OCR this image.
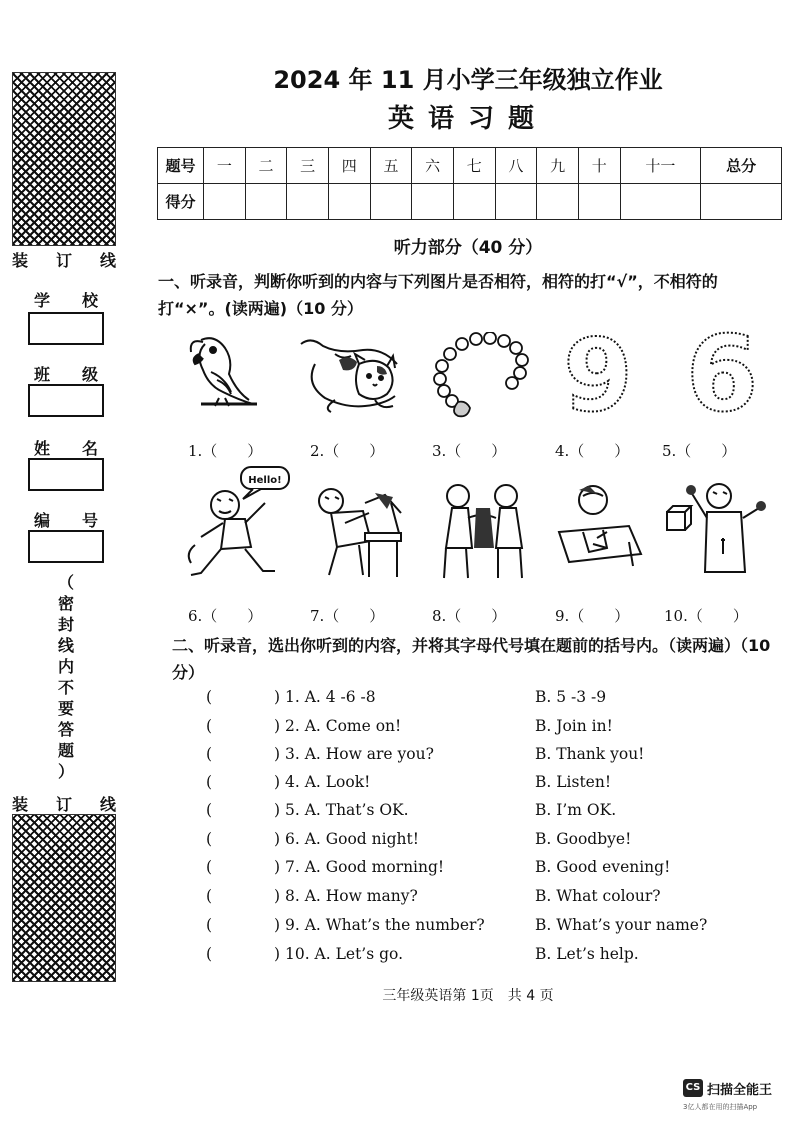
装 订 线
学 校
班 级
姓 名
编 号
（
密
封
线
内
不
要
答
题
）
装 订 线
2024 年 11 月小学三年级独立作业
英语习题
题号	一	二	三	四	五	六	七	八	九	十	十一	总分
得分												
听力部分（40 分）
一、听录音，判断你听到的内容与下列图片是否相符，相符的打“√”，不相符的打“×”。(读两遍)（10 分）
9 6
1.（　　）	2.（　　）	3.（　　）	4.（　　） 5.（　　）
Hello!
6.（　　）	7.（　　）	8.（　　）	9.（　　） 10.（　　）
二、听录音，选出你听到的内容，并将其字母代号填在题前的括号内。（读两遍）（10 分）
(	) 1. A. 4 -6 -8	B. 5 -3 -9
(	) 2. A. Come on!	B. Join in!
(	) 3. A. How are you?	B. Thank you!
(	) 4. A. Look!	B. Listen!
(	) 5. A. That’s OK.	B. I’m OK.
(	) 6. A. Good night!	B. Goodbye!
(	) 7. A. Good morning!	B. Good evening!
(	) 8. A. How many?	B. What colour?
(	) 9. A. What’s the number?	B. What’s your name?
(	) 10. A. Let’s go.	B. Let’s help.
三年级英语第 1页　共 4 页
CS 扫描全能王
3亿人都在用的扫描App
